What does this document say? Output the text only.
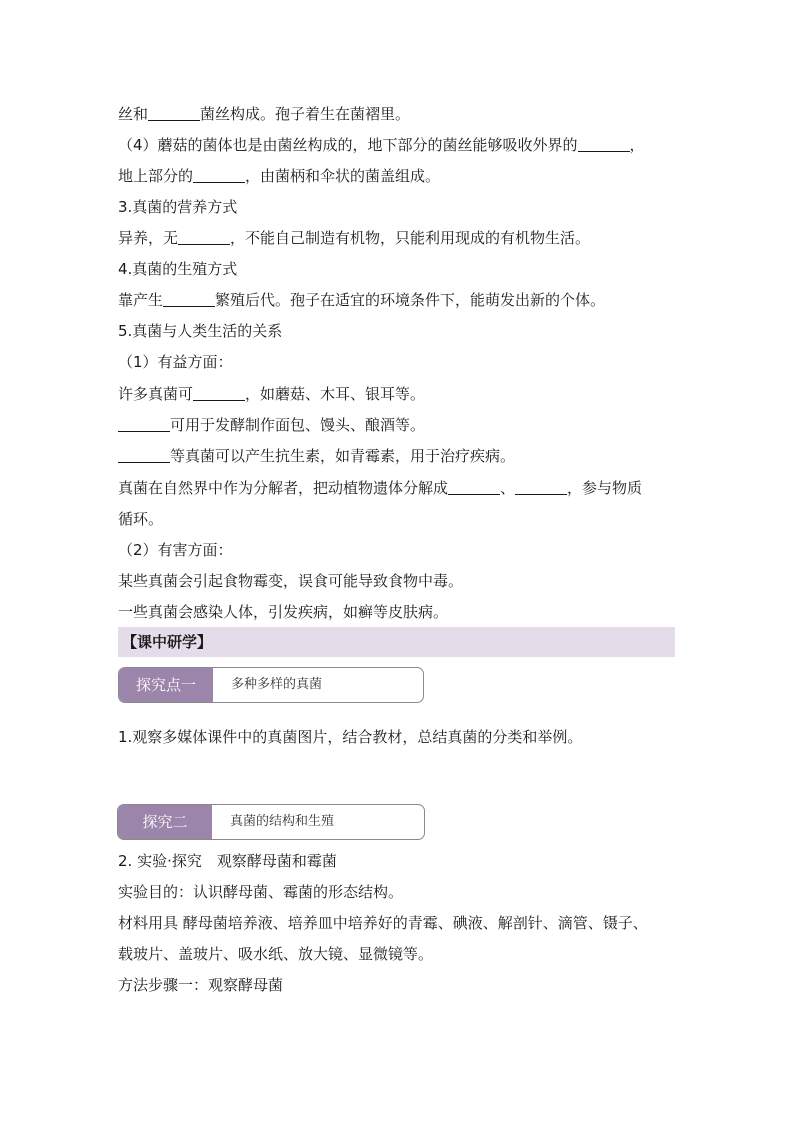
丝和	菌丝构成。孢子着生在菌褶里。
（4）蘑菇的菌体也是由菌丝构成的，地下部分的菌丝能够吸收外界的	，
地上部分的	，由菌柄和伞状的菌盖组成。
3.真菌的营养方式
异养，无	，不能自己制造有机物，只能利用现成的有机物生活。
4.真菌的生殖方式
靠产生	繁殖后代。孢子在适宜的环境条件下，能萌发出新的个体。
5.真菌与人类生活的关系
（1）有益方面：
许多真菌可	，如蘑菇、木耳、银耳等。
可用于发酵制作面包、馒头、酿酒等。
等真菌可以产生抗生素，如青霉素，用于治疗疾病。
真菌在自然界中作为分解者，把动植物遗体分解成	、	，参与物质
循环。
（2）有害方面：
某些真菌会引起食物霉变，误食可能导致食物中毒。
一些真菌会感染人体，引发疾病，如癣等皮肤病。
【课中研学】
探究点一	多种多样的真菌
1.观察多媒体课件中的真菌图片，结合教材，总结真菌的分类和举例。
探究二	真菌的结构和生殖
2. 实验·探究　观察酵母菌和霉菌
实验目的：认识酵母菌、霉菌的形态结构。
材料用具 酵母菌培养液、培养皿中培养好的青霉、碘液、解剖针、滴管、镊子、
载玻片、盖玻片、吸水纸、放大镜、显微镜等。
方法步骤一：观察酵母菌
